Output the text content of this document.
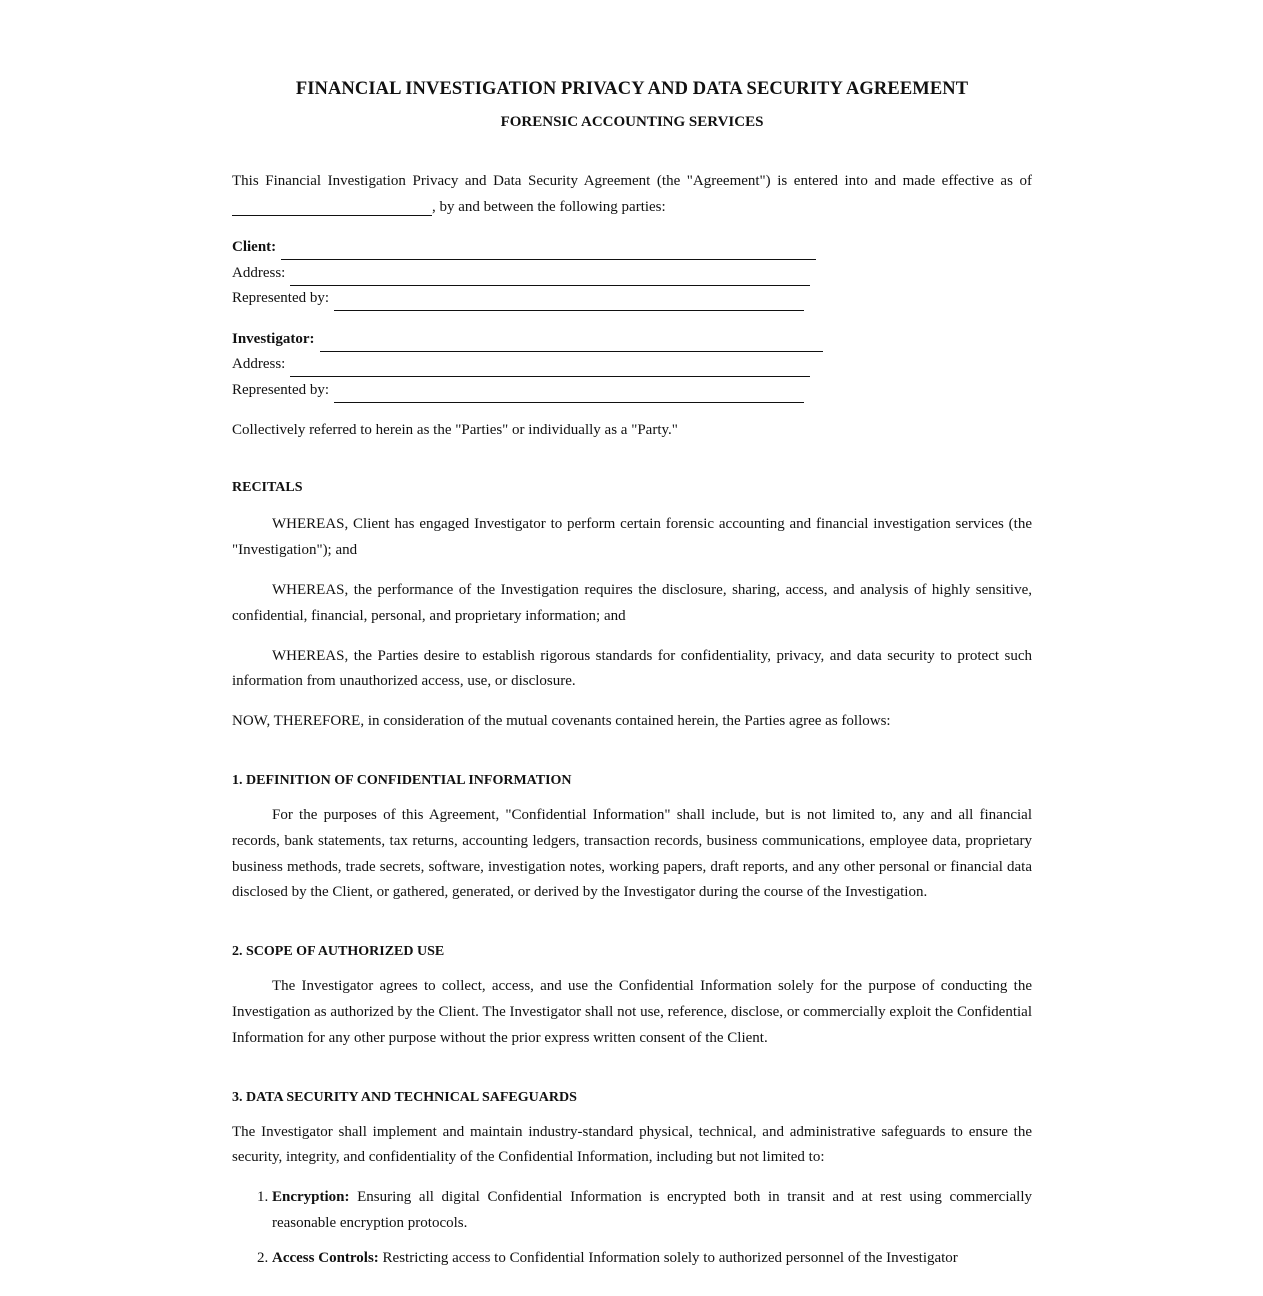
FINANCIAL INVESTIGATION PRIVACY AND DATA SECURITY AGREEMENT
FORENSIC ACCOUNTING SERVICES

This Financial Investigation Privacy and Data Security Agreement (the "Agreement") is entered into and made effective as of , by and between the following parties:

Client:
Address:
Represented by:
Investigator:
Address:
Represented by:

Collectively referred to herein as the "Parties" or individually as a "Party."

RECITALS

WHEREAS, Client has engaged Investigator to perform certain forensic accounting and financial investigation services (the "Investigation"); and

WHEREAS, the performance of the Investigation requires the disclosure, sharing, access, and analysis of highly sensitive, confidential, financial, personal, and proprietary information; and

WHEREAS, the Parties desire to establish rigorous standards for confidentiality, privacy, and data security to protect such information from unauthorized access, use, or disclosure.

NOW, THEREFORE, in consideration of the mutual covenants contained herein, the Parties agree as follows:

1. DEFINITION OF CONFIDENTIAL INFORMATION

For the purposes of this Agreement, "Confidential Information" shall include, but is not limited to, any and all financial records, bank statements, tax returns, accounting ledgers, transaction records, business communications, employee data, proprietary business methods, trade secrets, software, investigation notes, working papers, draft reports, and any other personal or financial data disclosed by the Client, or gathered, generated, or derived by the Investigator during the course of the Investigation.

2. SCOPE OF AUTHORIZED USE

The Investigator agrees to collect, access, and use the Confidential Information solely for the purpose of conducting the Investigation as authorized by the Client. The Investigator shall not use, reference, disclose, or commercially exploit the Confidential Information for any other purpose without the prior express written consent of the Client.

3. DATA SECURITY AND TECHNICAL SAFEGUARDS

The Investigator shall implement and maintain industry-standard physical, technical, and administrative safeguards to ensure the security, integrity, and confidentiality of the Confidential Information, including but not limited to:

1. Encryption: Ensuring all digital Confidential Information is encrypted both in transit and at rest using commercially reasonable encryption protocols.
2. Access Controls: Restricting access to Confidential Information solely to authorized personnel of the Investigator
